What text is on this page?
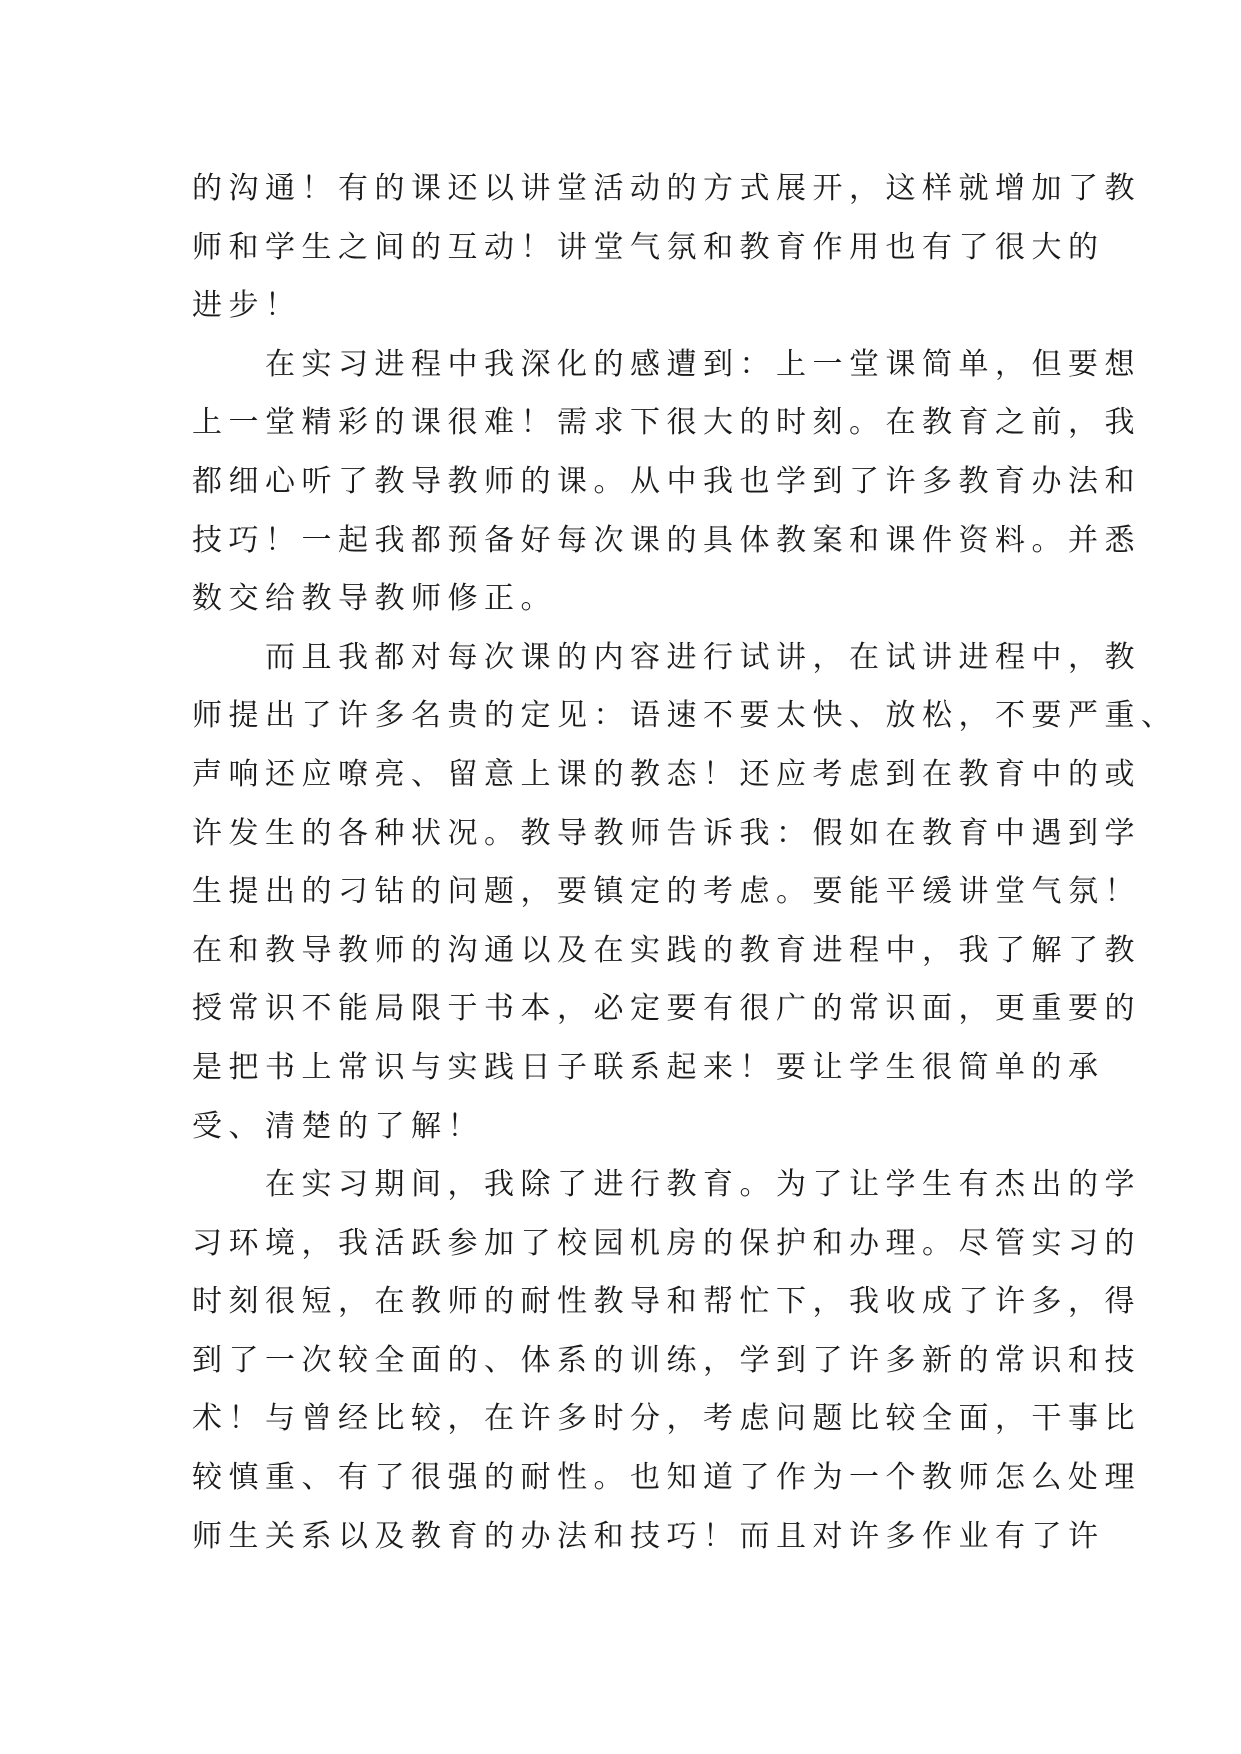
的沟通！有的课还以讲堂活动的方式展开，这样就增加了教
师和学生之间的互动！讲堂气氛和教育作用也有了很大的
进步！
　　在实习进程中我深化的感遭到：上一堂课简单，但要想
上一堂精彩的课很难！需求下很大的时刻。在教育之前，我
都细心听了教导教师的课。从中我也学到了许多教育办法和
技巧！一起我都预备好每次课的具体教案和课件资料。并悉
数交给教导教师修正。
　　而且我都对每次课的内容进行试讲，在试讲进程中，教
师提出了许多名贵的定见：语速不要太快、放松，不要严重、
声响还应嘹亮、留意上课的教态！还应考虑到在教育中的或
许发生的各种状况。教导教师告诉我：假如在教育中遇到学
生提出的刁钻的问题，要镇定的考虑。要能平缓讲堂气氛！
在和教导教师的沟通以及在实践的教育进程中，我了解了教
授常识不能局限于书本，必定要有很广的常识面，更重要的
是把书上常识与实践日子联系起来！要让学生很简单的承
受、清楚的了解！
　　在实习期间，我除了进行教育。为了让学生有杰出的学
习环境，我活跃参加了校园机房的保护和办理。尽管实习的
时刻很短，在教师的耐性教导和帮忙下，我收成了许多，得
到了一次较全面的、体系的训练，学到了许多新的常识和技
术！与曾经比较，在许多时分，考虑问题比较全面，干事比
较慎重、有了很强的耐性。也知道了作为一个教师怎么处理
师生关系以及教育的办法和技巧！而且对许多作业有了许
